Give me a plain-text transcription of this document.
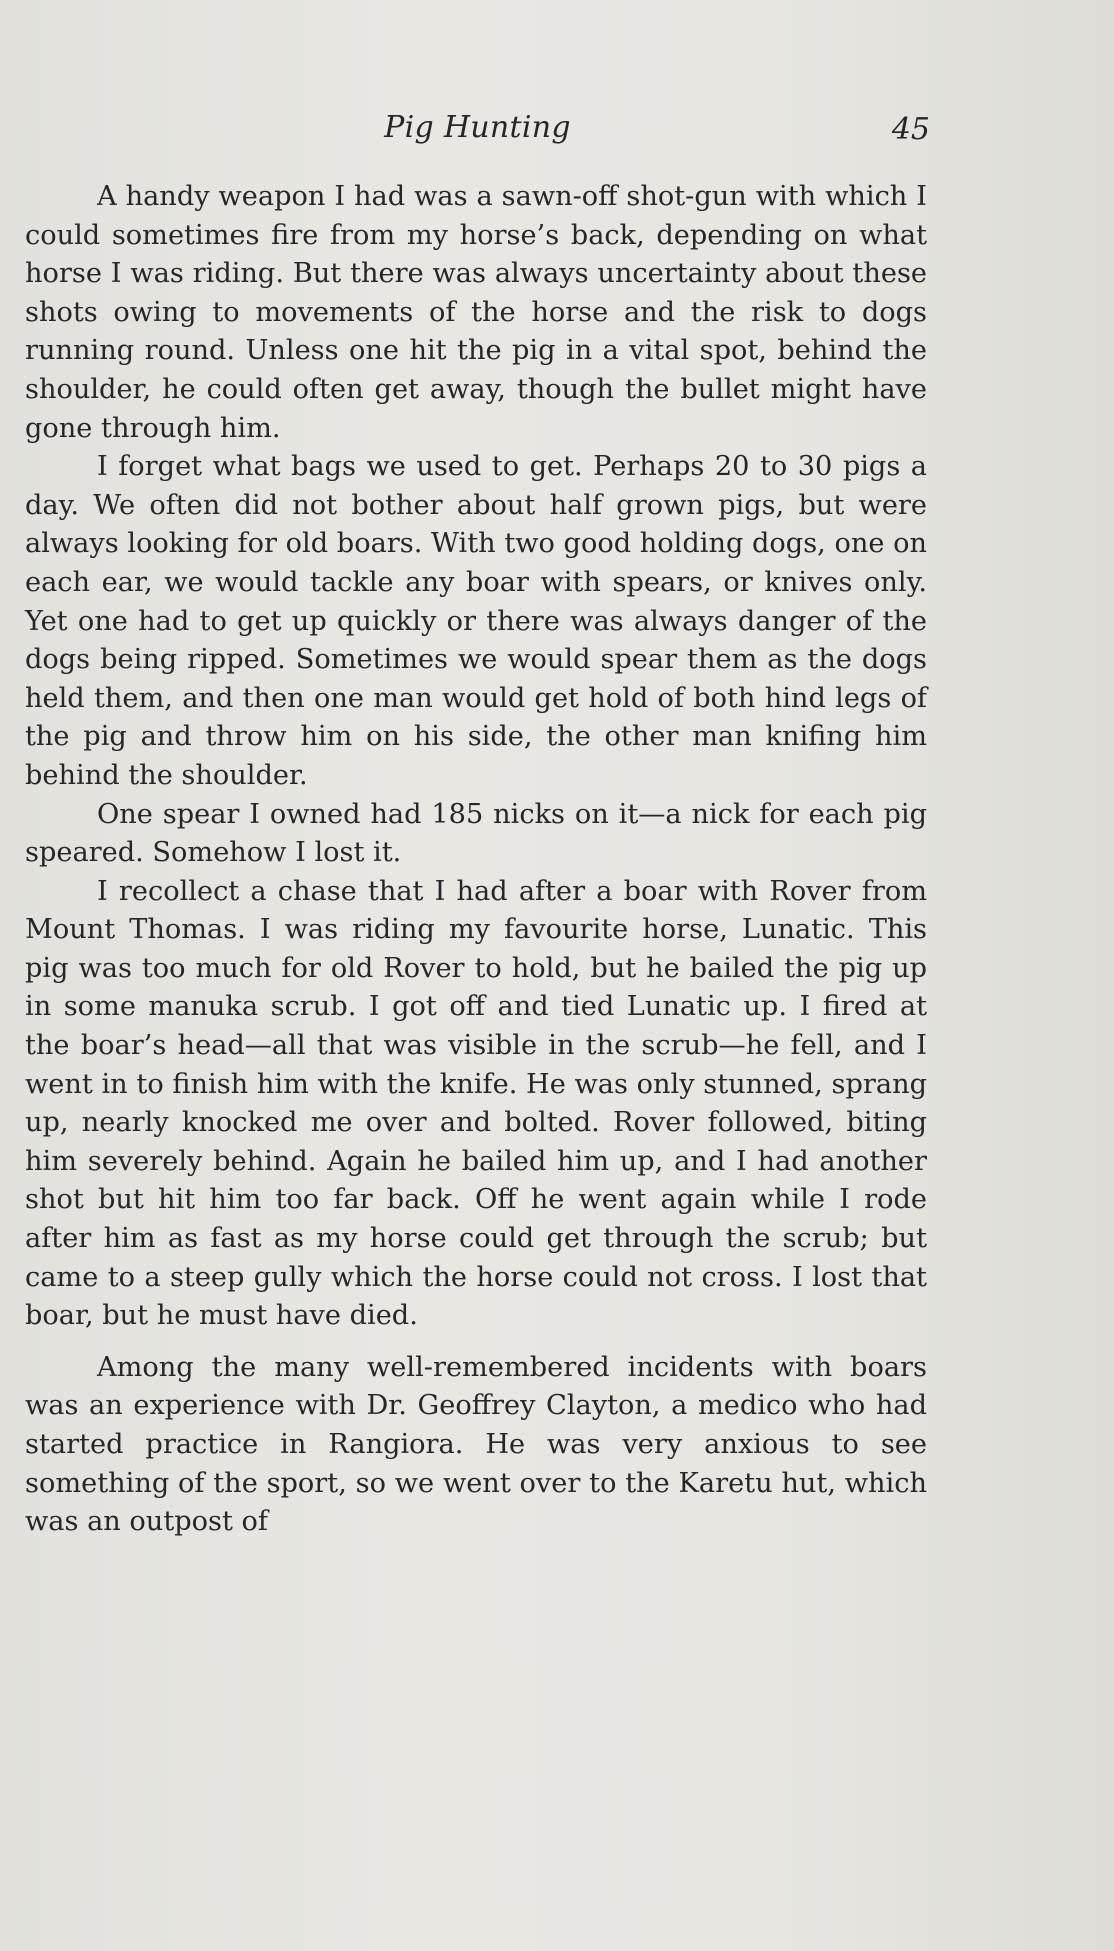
Pig Hunting	45

A handy weapon I had was a sawn-off shot-gun with which I could sometimes fire from my horse’s back, depending on what horse I was riding. But there was always uncertainty about these shots owing to movements of the horse and the risk to dogs running round. Unless one hit the pig in a vital spot, behind the shoulder, he could often get away, though the bullet might have gone through him.

I forget what bags we used to get. Perhaps 20 to 30 pigs a day. We often did not bother about half grown pigs, but were always looking for old boars. With two good holding dogs, one on each ear, we would tackle any boar with spears, or knives only. Yet one had to get up quickly or there was always danger of the dogs being ripped. Sometimes we would spear them as the dogs held them, and then one man would get hold of both hind legs of the pig and throw him on his side, the other man knifing him behind the shoulder.

One spear I owned had 185 nicks on it—a nick for each pig speared. Somehow I lost it.

I recollect a chase that I had after a boar with Rover from Mount Thomas. I was riding my favourite horse, Lunatic. This pig was too much for old Rover to hold, but he bailed the pig up in some manuka scrub. I got off and tied Lunatic up. I fired at the boar’s head—all that was visible in the scrub—he fell, and I went in to finish him with the knife. He was only stunned, sprang up, nearly knocked me over and bolted. Rover followed, biting him severely behind. Again he bailed him up, and I had another shot but hit him too far back. Off he went again while I rode after him as fast as my horse could get through the scrub; but came to a steep gully which the horse could not cross. I lost that boar, but he must have died.

Among the many well-remembered incidents with boars was an experience with Dr. Geoffrey Clayton, a medico who had started practice in Rangiora. He was very anxious to see something of the sport, so we went over to the Karetu hut, which was an outpost of
